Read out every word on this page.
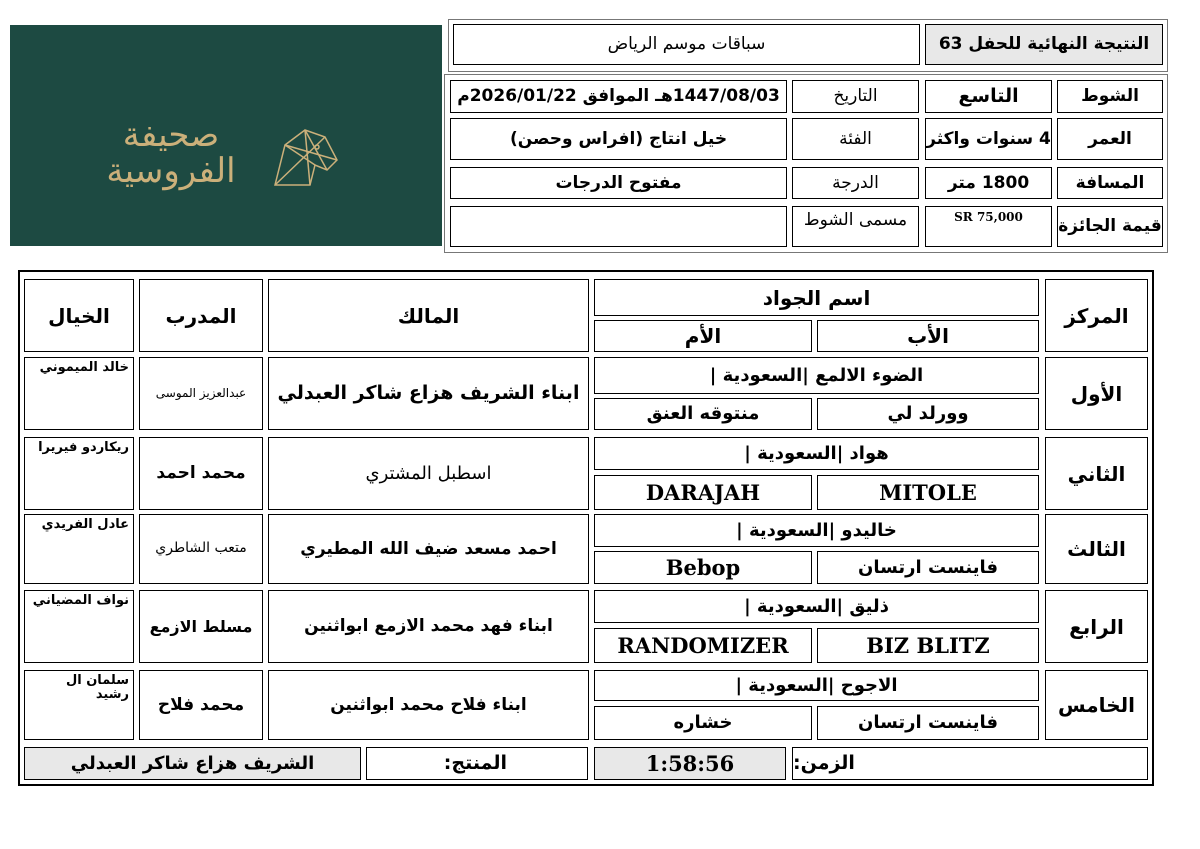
صحيفة
الفروسية
النتيجة النهائية للحفل 63
سباقات موسم الرياض
الشوط
التاسع
التاريخ
1447/08/03هـ الموافق 2026/01/22م
العمر
4 سنوات واكثر
الفئة
خيل انتاج (افراس وحصن)
المسافة
1800 متر
الدرجة
مفتوح الدرجات
قيمة الجائزة
SR 75,000
مسمى الشوط
المركز
اسم الجواد
الأب
الأم
المالك
المدرب
الخيال
الأول
الضوء الالمع |السعودية |
وورلد لي
منتوقه العنق
ابناء الشريف هزاع شاكر العبدلي
عبدالعزيز الموسى
خالد الميموني
الثاني
هواد |السعودية |
MITOLE
DARAJAH
اسطبل المشتري
محمد احمد
ريكاردو فيريرا
الثالث
خاليدو |السعودية |
فاينست ارتسان
Bebop
احمد مسعد ضيف الله المطيري
متعب الشاطري
عادل الفريدي
الرابع
ذليق |السعودية |
BIZ BLITZ
RANDOMIZER
ابناء فهد محمد الازمع ابواثنين
مسلط الازمع
نواف المضياني
الخامس
الاجوح |السعودية |
فاينست ارتسان
خشاره
ابناء فلاح محمد ابواثنين
محمد فلاح
سلمان ال رشيد
الزمن:
1:58:56
المنتج:
الشريف هزاع شاكر العبدلي
